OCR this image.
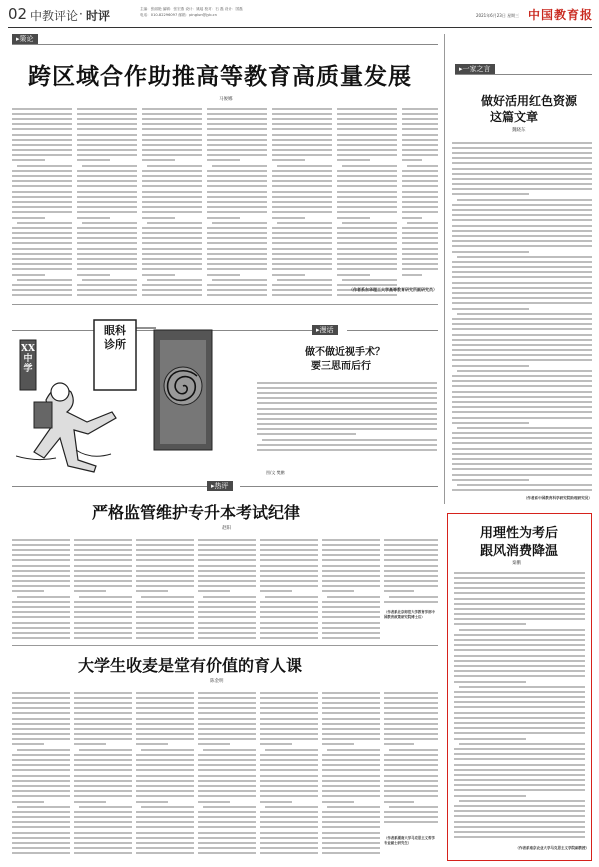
02 中教评论 · 时评	主编：张丽艳 编辑：张宏燕 设计：姚瑶 校对：石 磊 设计：国磊
电话：010-82296097 邮箱：pinglun@jyb.cn	2021年6月23日 星期三 中国教育报
▸策论
跨区域合作助推高等教育高质量发展
马俊娜
（作者系东华理工大学高等教育研究所副研究员）
▸一家之言
做好活用红色资源
这篇文章
魏晓东
（作者系中国教育科学研究院助理研究员）
▸漫话
眼科诊所
XX中学
做不做近视手术？
要三思而后行
图/文 樊鹏
▸热评
严格监管维护专升本考试纪律
赵阳
（作者系北京师范大学教育学部中国教育政策研究院博士后）
大学生收麦是堂有价值的育人课
陈金明
（作者系湖南大学马克思主义哲学专业硕士研究生）
用理性为考后
跟风消费降温
秦鹏
（作者系南京农业大学马克思主义学院副教授）
